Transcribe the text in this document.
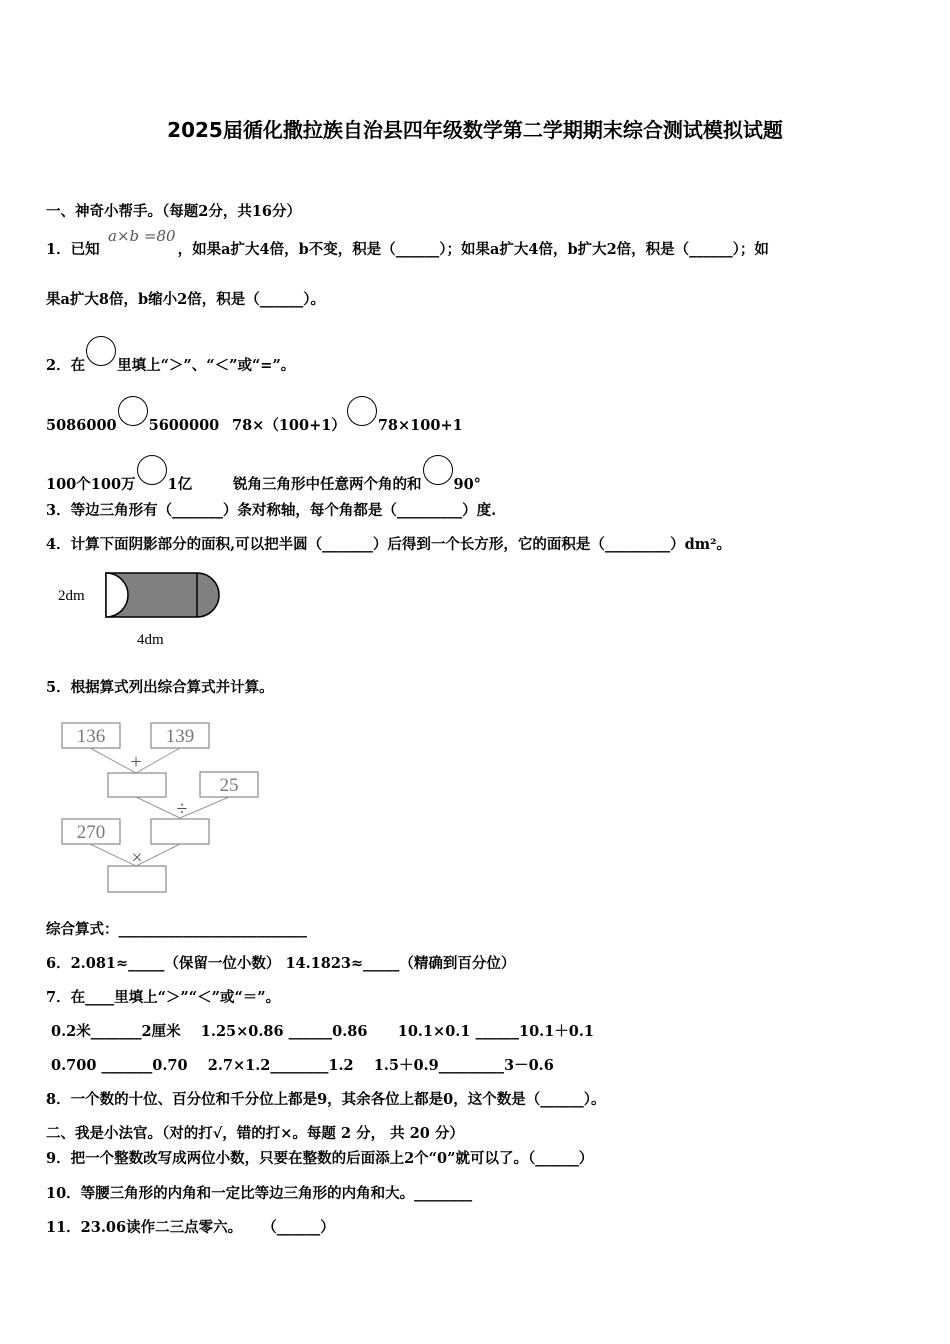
2025届循化撒拉族自治县四年级数学第二学期期末综合测试模拟试题
一、神奇小帮手。（每题2分，共16分）
a×b =80
1．已知	，如果a扩大4倍，b不变，积是（______）；如果a扩大4倍，b扩大2倍，积是（______）；如
果a扩大8倍，b缩小2倍，积是（______）。
2．在 里填上“＞”、“＜”或“=”。
5086000 5600000 78×（100+1） 78×100+1
100个100万 1亿	锐角三角形中任意两个角的和 90°
3．等边三角形有（_______）条对称轴，每个角都是（_________）度.
4．计算下面阴影部分的面积,可以把半圆（_______）后得到一个长方形，它的面积是（_________）dm²。
2dm
4dm
5．根据算式列出综合算式并计算。
136	139
25
270
+
÷
×
综合算式：__________________________
6．2.081≈_____（保留一位小数） 14.1823≈_____（精确到百分位）
7．在____里填上“＞”“＜”或“＝”。
0.2米_______2厘米    1.25×0.86 ______0.86      10.1×0.1 ______10.1＋0.1
0.700 _______0.70    2.7×1.2________1.2    1.5＋0.9_________3－0.6
8．一个数的十位、百分位和千分位上都是9，其余各位上都是0，这个数是（______）。
二、我是小法官。（对的打√，错的打×。每题 2 分， 共 20 分）
9．把一个整数改写成两位小数，只要在整数的后面添上2个“0”就可以了。（______）
10．等腰三角形的内角和一定比等边三角形的内角和大。________
11．23.06读作二三点零六。    （______）
